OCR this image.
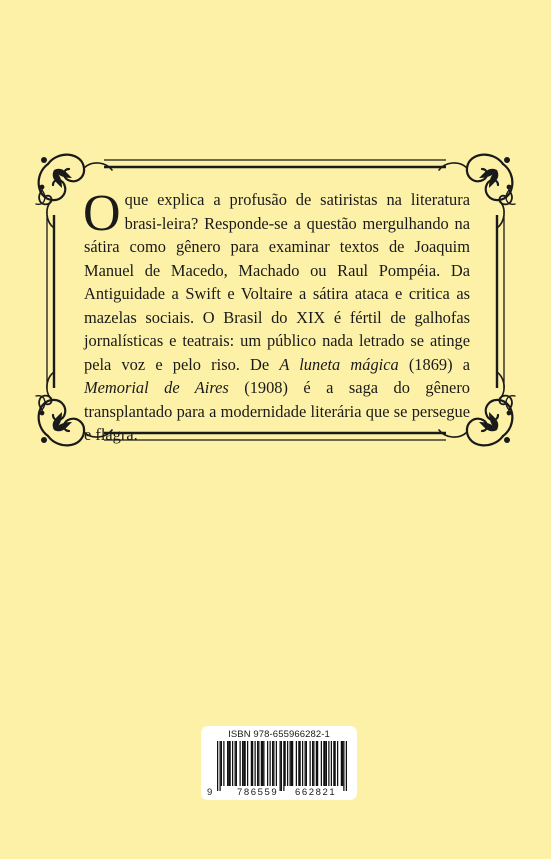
O que explica a profusão de satiristas na literatura brasi-leira? Responde-se a questão mergulhando na sátira como gênero para examinar textos de Joaquim Manuel de Macedo, Machado ou Raul Pompéia. Da Antiguidade a Swift e Voltaire a sátira ataca e critica as mazelas sociais. O Brasil do XIX é fértil de galhofas jornalísticas e teatrais: um público nada letrado se atinge pela voz e pelo riso. De A luneta mágica (1869) a Memorial de Aires (1908) é a saga do gênero transplantado para a modernidade literária que se persegue e flagra.

ISBN 978-655966282-1
9	786559 662821
